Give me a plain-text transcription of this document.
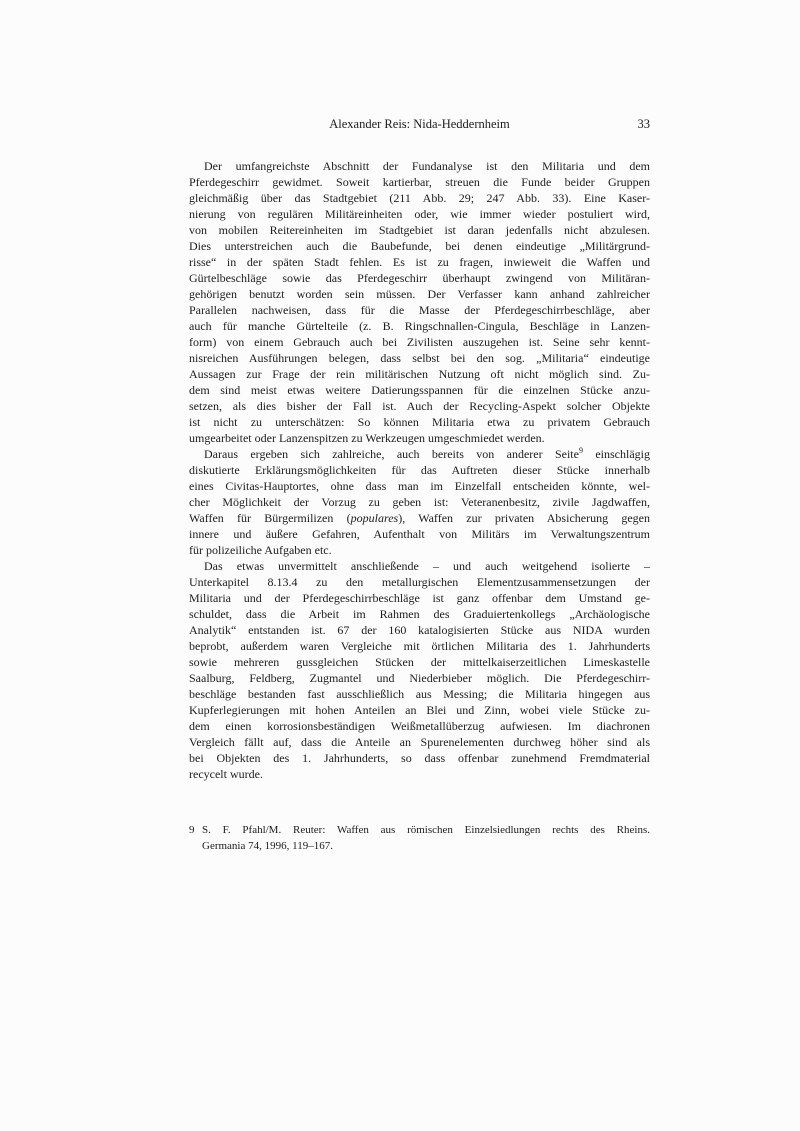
Alexander Reis: Nida-Heddernheim	33
Der umfangreichste Abschnitt der Fundanalyse ist den Militaria und dem
Pferdegeschirr gewidmet. Soweit kartierbar, streuen die Funde beider Gruppen
gleichmäßig über das Stadtgebiet (211 Abb. 29; 247 Abb. 33). Eine Kaser-
nierung von regulären Militäreinheiten oder, wie immer wieder postuliert wird,
von mobilen Reitereinheiten im Stadtgebiet ist daran jedenfalls nicht abzulesen.
Dies unterstreichen auch die Baubefunde, bei denen eindeutige „Militärgrund-
risse“ in der späten Stadt fehlen. Es ist zu fragen, inwieweit die Waffen und
Gürtelbeschläge sowie das Pferdegeschirr überhaupt zwingend von Militäran-
gehörigen benutzt worden sein müssen. Der Verfasser kann anhand zahlreicher
Parallelen nachweisen, dass für die Masse der Pferdegeschirrbeschläge, aber
auch für manche Gürtelteile (z. B. Ringschnallen-Cingula, Beschläge in Lanzen-
form) von einem Gebrauch auch bei Zivilisten auszugehen ist. Seine sehr kennt-
nisreichen Ausführungen belegen, dass selbst bei den sog. „Militaria“ eindeutige
Aussagen zur Frage der rein militärischen Nutzung oft nicht möglich sind. Zu-
dem sind meist etwas weitere Datierungsspannen für die einzelnen Stücke anzu-
setzen, als dies bisher der Fall ist. Auch der Recycling-Aspekt solcher Objekte
ist nicht zu unterschätzen: So können Militaria etwa zu privatem Gebrauch
umgearbeitet oder Lanzenspitzen zu Werkzeugen umgeschmiedet werden.
Daraus ergeben sich zahlreiche, auch bereits von anderer Seite$^9$ einschlägig
diskutierte Erklärungsmöglichkeiten für das Auftreten dieser Stücke innerhalb
eines Civitas-Hauptortes, ohne dass man im Einzelfall entscheiden könnte, wel-
cher Möglichkeit der Vorzug zu geben ist: Veteranenbesitz, zivile Jagdwaffen,
Waffen für Bürgermilizen (populares), Waffen zur privaten Absicherung gegen
innere und äußere Gefahren, Aufenthalt von Militärs im Verwaltungszentrum
für polizeiliche Aufgaben etc.
Das etwas unvermittelt anschließende – und auch weitgehend isolierte –
Unterkapitel 8.13.4 zu den metallurgischen Elementzusammensetzungen der
Militaria und der Pferdegeschirrbeschläge ist ganz offenbar dem Umstand ge-
schuldet, dass die Arbeit im Rahmen des Graduiertenkollegs „Archäologische
Analytik“ entstanden ist. 67 der 160 katalogisierten Stücke aus NIDA wurden
beprobt, außerdem waren Vergleiche mit örtlichen Militaria des 1. Jahrhunderts
sowie mehreren gussgleichen Stücken der mittelkaiserzeitlichen Limeskastelle
Saalburg, Feldberg, Zugmantel und Niederbieber möglich. Die Pferdegeschirr-
beschläge bestanden fast ausschließlich aus Messing; die Militaria hingegen aus
Kupferlegierungen mit hohen Anteilen an Blei und Zinn, wobei viele Stücke zu-
dem einen korrosionsbeständigen Weißmetallüberzug aufwiesen. Im diachronen
Vergleich fällt auf, dass die Anteile an Spurenelementen durchweg höher sind als
bei Objekten des 1. Jahrhunderts, so dass offenbar zunehmend Fremdmaterial
recycelt wurde.
9 S. F. Pfahl/M. Reuter: Waffen aus römischen Einzelsiedlungen rechts des Rheins.
Germania 74, 1996, 119–167.
